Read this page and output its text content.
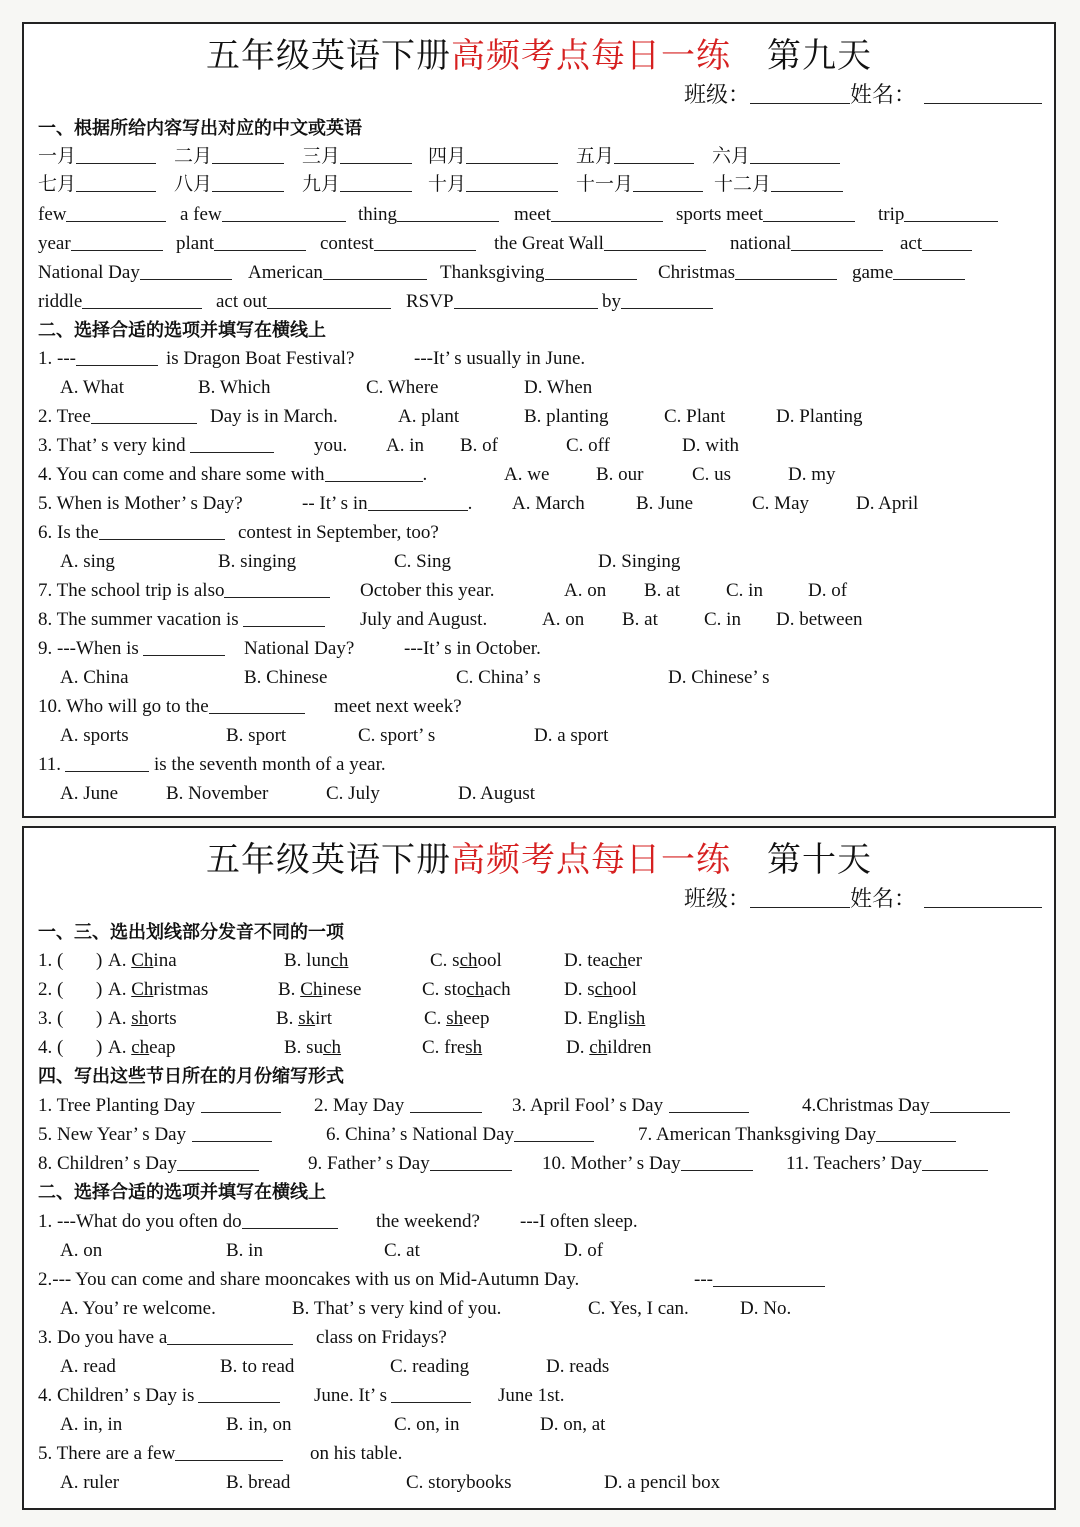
五年级英语下册高频考点每日一练 第九天
班级：	姓名：
一、根据所给内容写出对应的中文或英语
一月	二月	三月	四月	五月	六月
七月	八月	九月	十月	十一月	十二月
few	a few	thing	meet	sports meet	trip
year	plant	contest	the Great Wall	national	act
National Day	American	Thanksgiving	Christmas	game
riddle	act out	RSVP	by
二、选择合适的选项并填写在横线上
1. ---	is Dragon Boat Festival?	---It’ s usually in June.
A. What	B. Which	C. Where	D. When
2. Tree	Day is in March.	A. plant	B. planting	C. Plant	D. Planting
3. That’ s very kind	you. A. in B. of	C. off	D. with
4. You can come and share some with	.	A. we B. our	C. us	D. my
5. When is Mother’ s Day?	-- It’ s in	. A. March	B. June	C. May D. April
6. Is the	contest in September, too?
A. sing	B. singing	C. Sing	D. Singing
7. The school trip is also	October this year.	A. on B. at C. in D. of
8. The summer vacation is	July and August.	A. on B. at C. in D. between
9. ---When is	National Day?	---It’ s in October.
A. China	B. Chinese	C. China’ s	D. Chinese’ s
10. Who will go to the	meet next week?
A. sports	B. sport	C. sport’ s	D. a sport
11.	is the seventh month of a year.
A. June	B. November	C. July	D. August
五年级英语下册高频考点每日一练 第十天
班级：	姓名：
一、三、选出划线部分发音不同的一项
1. ( ) A. China	B. lunch	C. school	D. teacher
2. ( ) A. Christmas	B. Chinese	C. stochach	D. school
3. ( ) A. shorts	B. skirt	C. sheep	D. English
4. ( ) A. cheap	B. such	C. fresh	D. children
四、写出这些节日所在的月份缩写形式
1. Tree Planting Day	2. May Day	3. April Fool’ s Day	4.Christmas Day
5. New Year’ s Day	6. China’ s National Day	7. American Thanksgiving Day
8. Children’ s Day	9. Father’ s Day	10. Mother’ s Day	11. Teachers’ Day
二、选择合适的选项并填写在横线上
1. ---What do you often do	the weekend? ---I often sleep.
A. on	B. in	C. at	D. of
2.--- You can come and share mooncakes with us on Mid-Autumn Day.	---
A. You’ re welcome.	B. That’ s very kind of you.	C. Yes, I can.	D. No.
3. Do you have a	class on Fridays?
A. read	B. to read	C. reading	D. reads
4. Children’ s Day is	June. It’ s	June 1st.
A. in, in	B. in, on	C. on, in	D. on, at
5. There are a few	on his table.
A. ruler	B. bread	C. storybooks	D. a pencil box
